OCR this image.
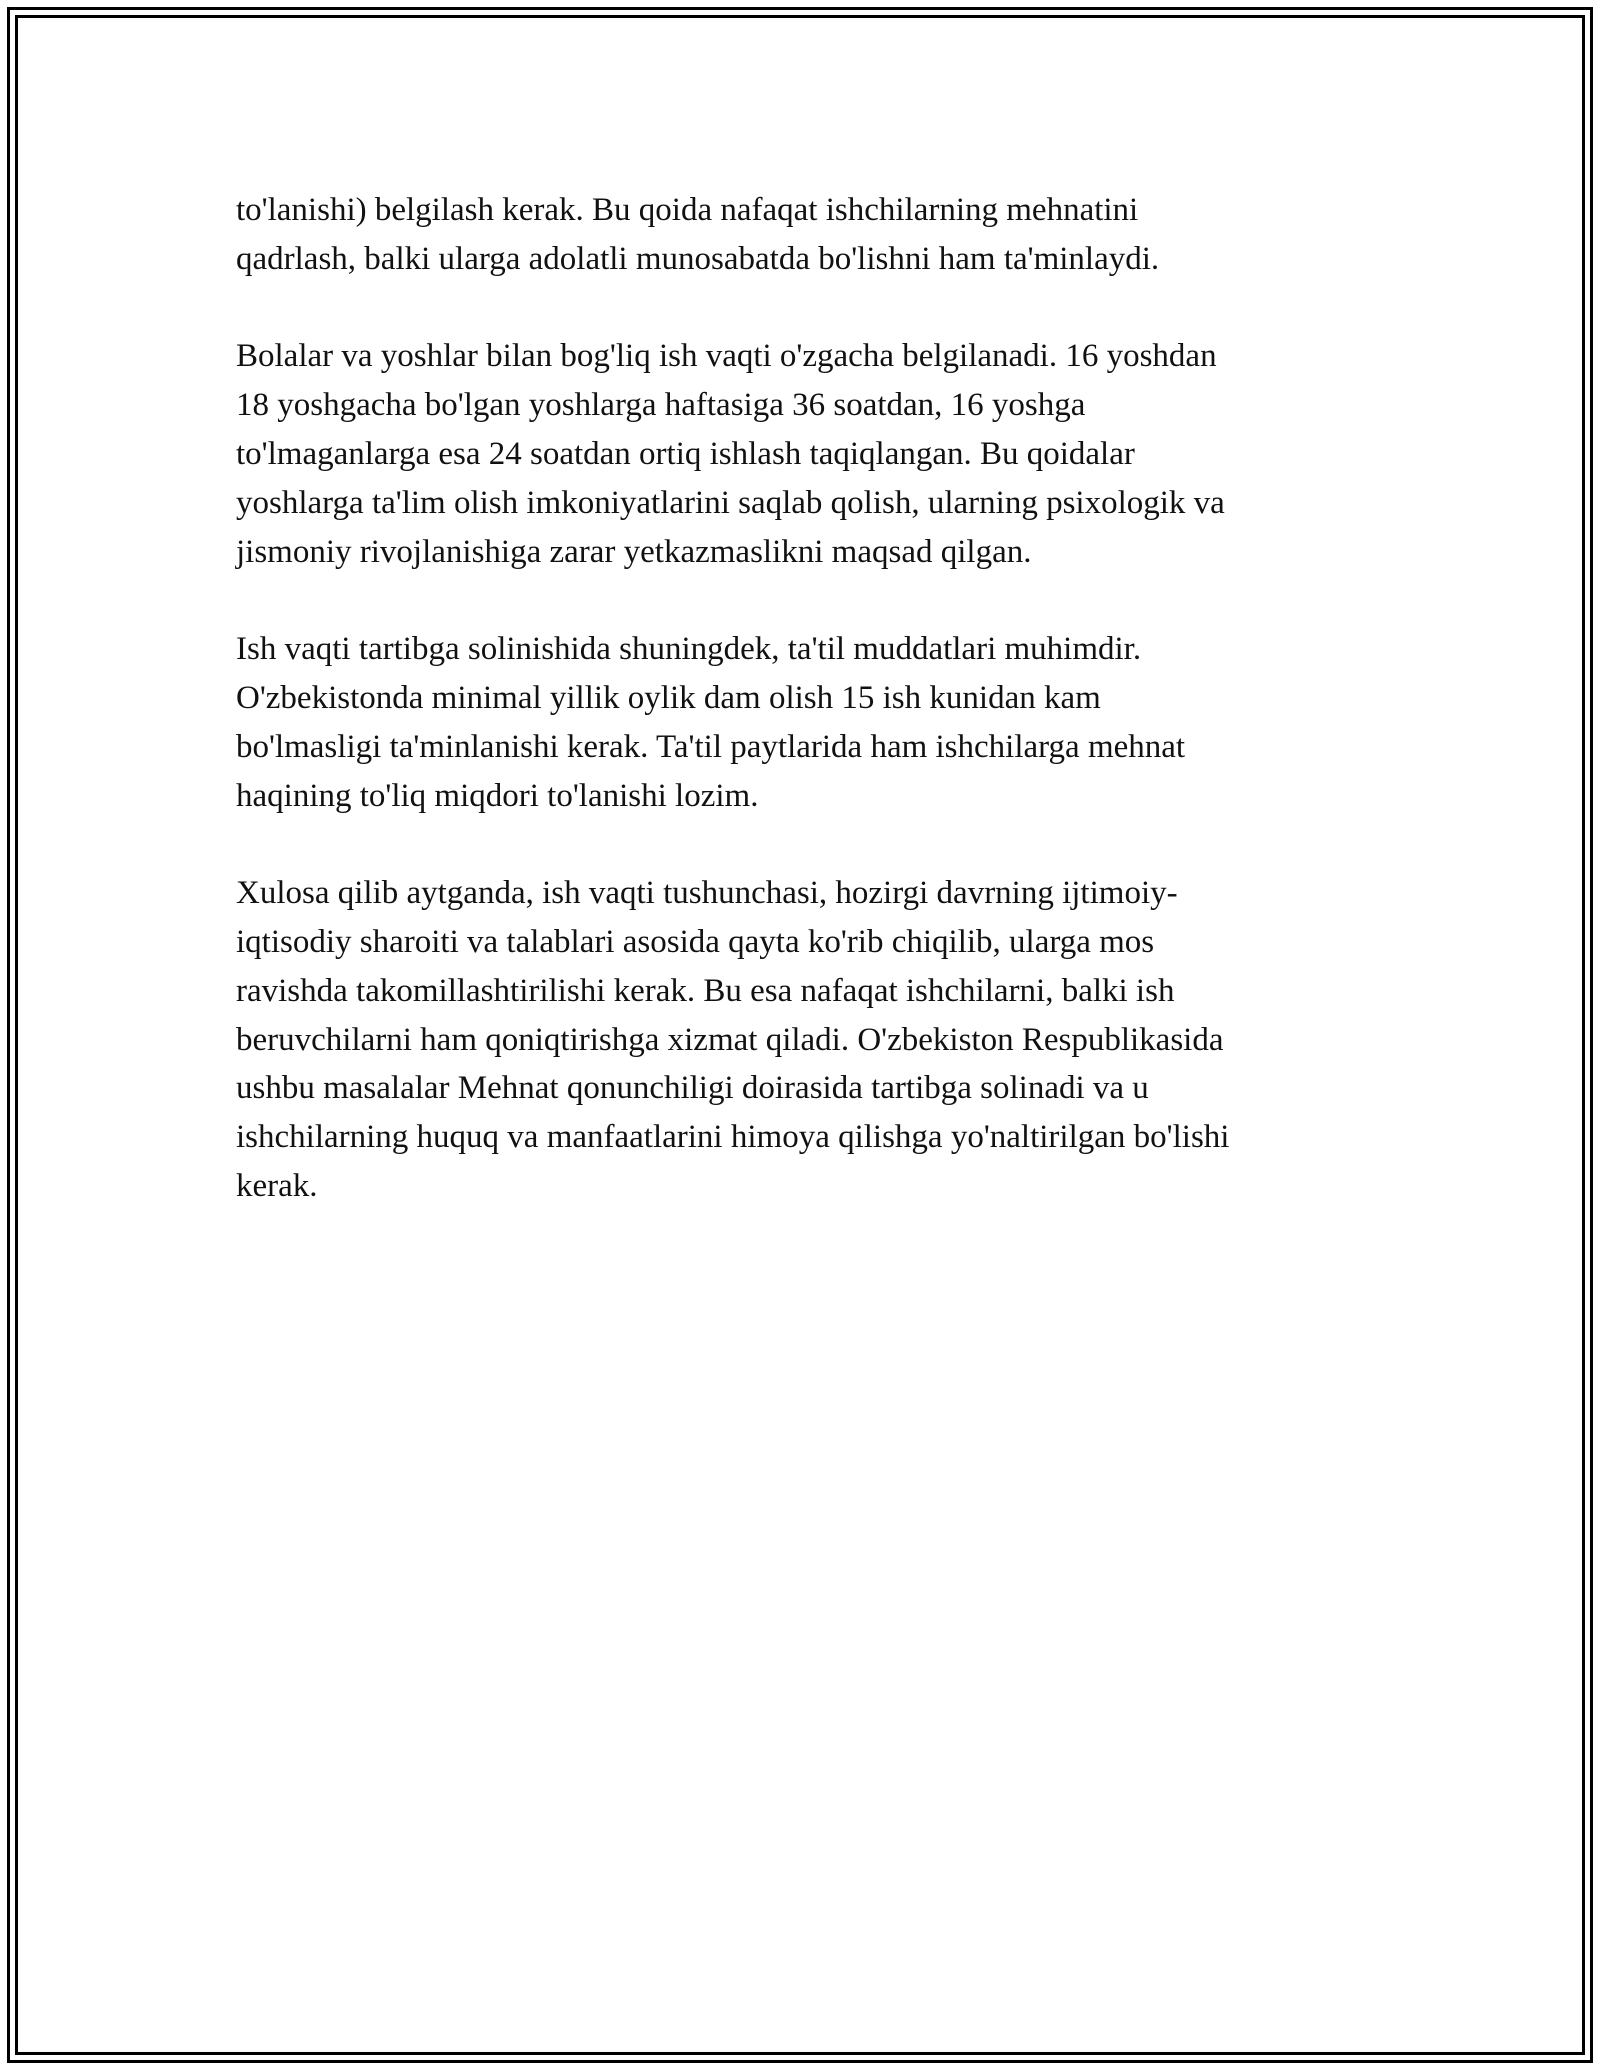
to'lanishi) belgilash kerak. Bu qoida nafaqat ishchilarning mehnatini
qadrlash, balki ularga adolatli munosabatda bo'lishni ham ta'minlaydi.

Bolalar va yoshlar bilan bog'liq ish vaqti o'zgacha belgilanadi. 16 yoshdan
18 yoshgacha bo'lgan yoshlarga haftasiga 36 soatdan, 16 yoshga
to'lmaganlarga esa 24 soatdan ortiq ishlash taqiqlangan. Bu qoidalar
yoshlarga ta'lim olish imkoniyatlarini saqlab qolish, ularning psixologik va
jismoniy rivojlanishiga zarar yetkazmaslikni maqsad qilgan.

Ish vaqti tartibga solinishida shuningdek, ta'til muddatlari muhimdir.
O'zbekistonda minimal yillik oylik dam olish 15 ish kunidan kam
bo'lmasligi ta'minlanishi kerak. Ta'til paytlarida ham ishchilarga mehnat
haqining to'liq miqdori to'lanishi lozim.

Xulosa qilib aytganda, ish vaqti tushunchasi, hozirgi davrning ijtimoiy-
iqtisodiy sharoiti va talablari asosida qayta ko'rib chiqilib, ularga mos
ravishda takomillashtirilishi kerak. Bu esa nafaqat ishchilarni, balki ish
beruvchilarni ham qoniqtirishga xizmat qiladi. O'zbekiston Respublikasida
ushbu masalalar Mehnat qonunchiligi doirasida tartibga solinadi va u
ishchilarning huquq va manfaatlarini himoya qilishga yo'naltirilgan bo'lishi
kerak.
